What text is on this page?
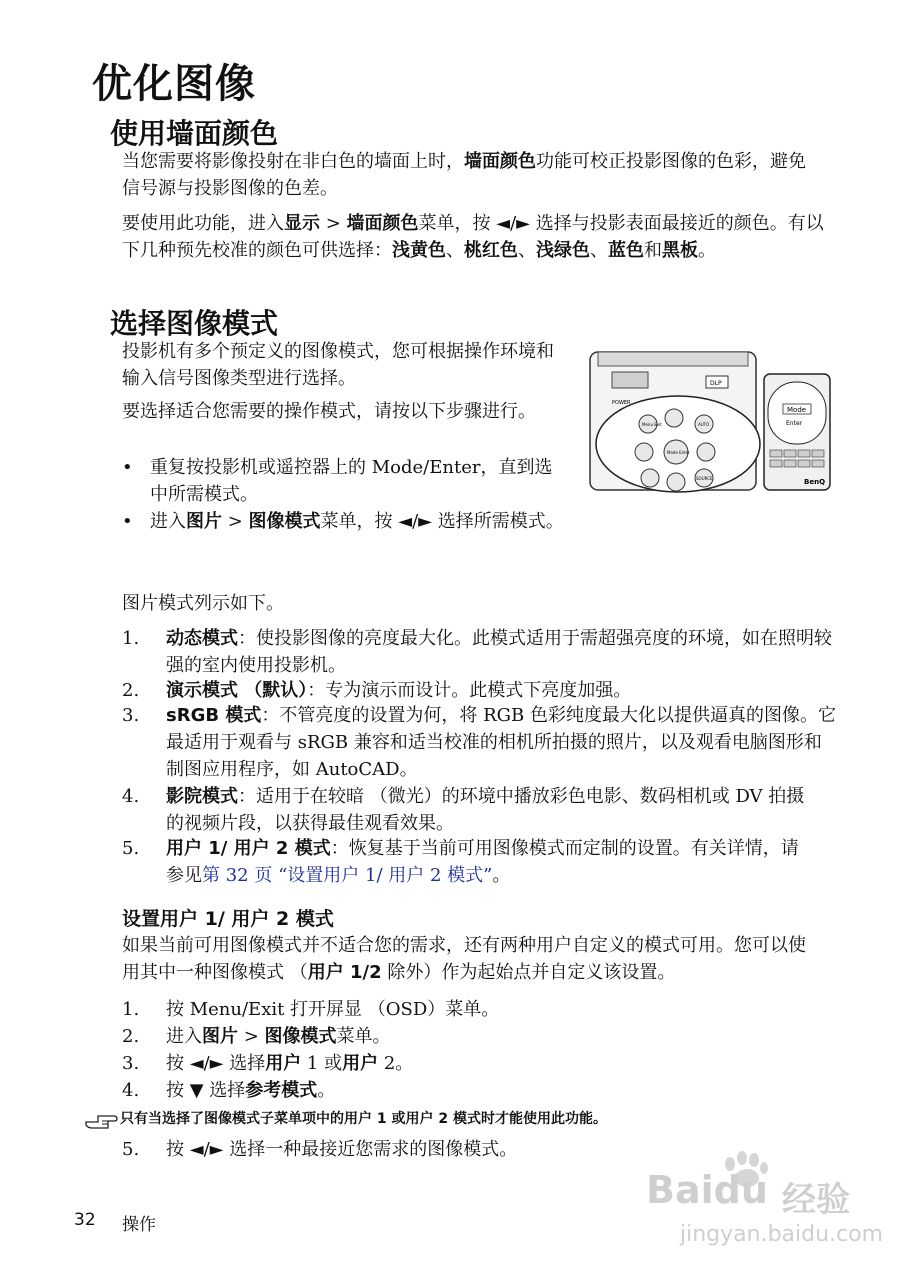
优化图像
使用墙面颜色

当您需要将影像投射在非白色的墙面上时，墙面颜色功能可校正投影图像的色彩，避免信号源与投影图像的色差。

要使用此功能，进入显示 > 墙面颜色菜单，按 ◄/► 选择与投影表面最接近的颜色。有以下几种预先校准的颜色可供选择：浅黄色、桃红色、浅绿色、蓝色和黑板。

选择图像模式

投影机有多个预定义的图像模式，您可根据操作环境和输入信号图像类型进行选择。

要选择适合您需要的操作模式，请按以下步骤进行。

• 重复按投影机或遥控器上的 Mode/Enter，直到选中所需模式。
• 进入图片 > 图像模式菜单，按 ◄/► 选择所需模式。
DLP
POWER
Menu Exit	AUTO
Mode Enter
SOURCE
Mode
Enter
BenQ

图片模式列示如下。

1.	动态模式：使投影图像的亮度最大化。此模式适用于需超强亮度的环境，如在照明较强的室内使用投影机。
2.	演示模式 （默认）：专为演示而设计。此模式下亮度加强。
3.	sRGB 模式：不管亮度的设置为何，将 RGB 色彩纯度最大化以提供逼真的图像。它最适用于观看与 sRGB 兼容和适当校准的相机所拍摄的照片，以及观看电脑图形和制图应用程序，如 AutoCAD。
4.	影院模式：适用于在较暗 （微光）的环境中播放彩色电影、数码相机或 DV 拍摄的视频片段，以获得最佳观看效果。
5.	用户 1/ 用户 2 模式：恢复基于当前可用图像模式而定制的设置。有关详情，请参见第 32 页 “设置用户 1/ 用户 2 模式”。
设置用户 1/ 用户 2 模式

如果当前可用图像模式并不适合您的需求，还有两种用户自定义的模式可用。您可以使用其中一种图像模式 （用户 1/2 除外）作为起始点并自定义该设置。

1.	按 Menu/Exit 打开屏显 （OSD）菜单。
2.	进入图片 > 图像模式菜单。
3.	按 ◄/► 选择用户 1 或用户 2。
4.	按 ▼ 选择参考模式。
只有当选择了图像模式子菜单项中的用户 1 或用户 2 模式时才能使用此功能。
5.	按 ◄/► 选择一种最接近您需求的图像模式。
32 操作
Baidu 经验
jingyan.baidu.com
